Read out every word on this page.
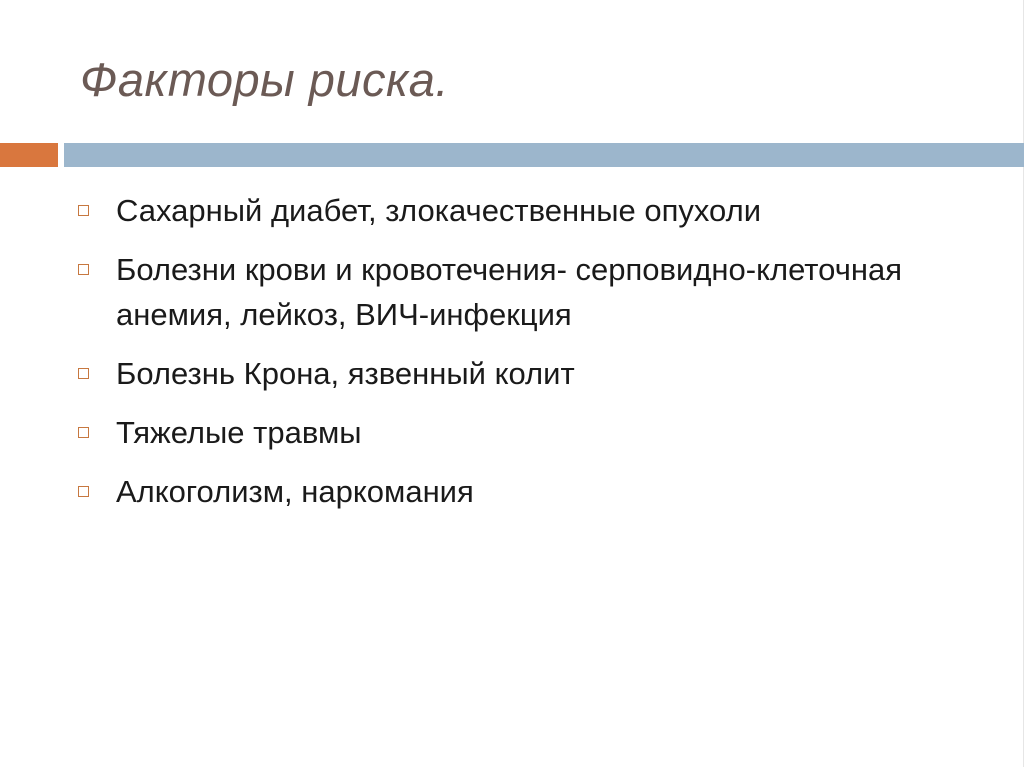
Факторы риска.
Сахарный диабет, злокачественные опухоли
Болезни крови и кровотечения- серповидно-клеточная анемия, лейкоз, ВИЧ-инфекция
Болезнь Крона, язвенный колит
Тяжелые травмы
Алкоголизм, наркомания
